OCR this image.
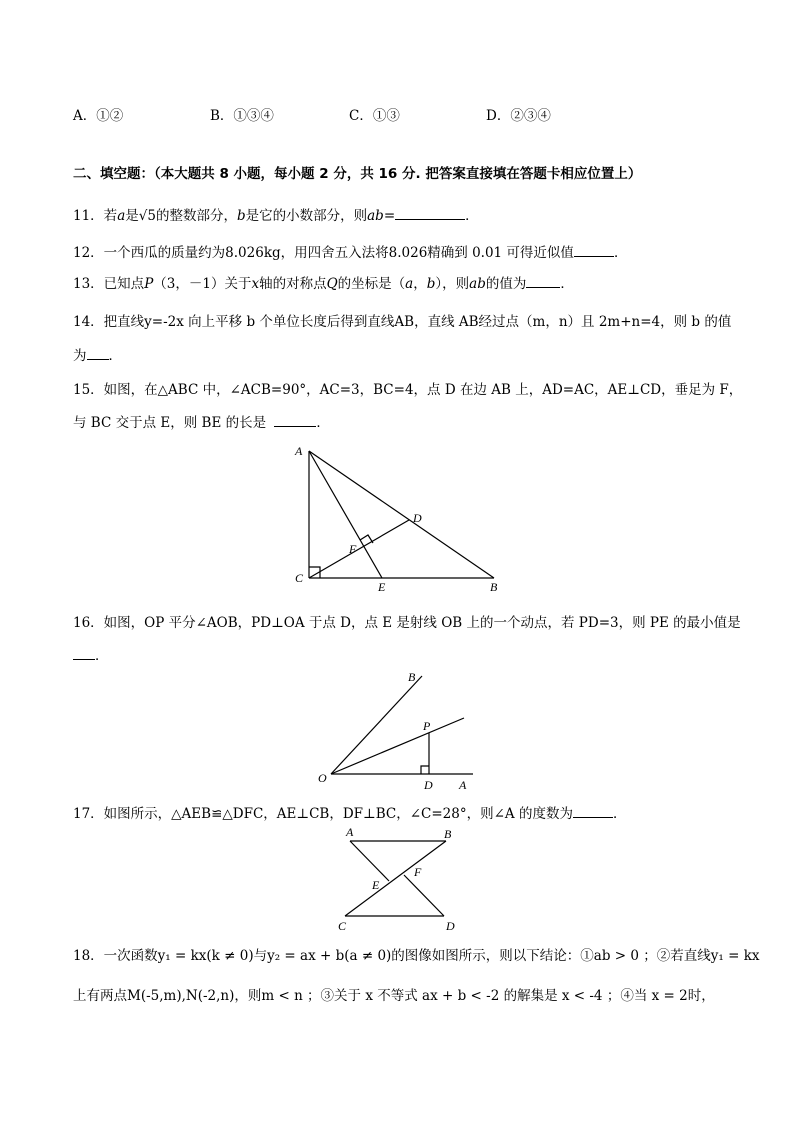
A．①②	B．①③④	C．①③	D．②③④
二、填空题：（本大题共 8 小题，每小题 2 分，共 16 分. 把答案直接填在答题卡相应位置上）
11．若a是√5的整数部分，b是它的小数部分，则ab=	．
12．一个西瓜的质量约为8.026kg，用四舍五入法将8.026精确到 0.01 可得近似值	．
13．已知点P（3，－1）关于x轴的对称点Q的坐标是（a，b），则ab的值为	．
14．把直线y=-2x 向上平移 b 个单位长度后得到直线AB，直线 AB经过点（m，n）且 2m+n=4，则 b 的值
为 ．
15．如图，在△ABC 中，∠ACB=90°，AC=3，BC=4，点 D 在边 AB 上，AD=AC，AE⊥CD，垂足为 F，
与 BC 交于点 E，则 BE 的长是	．
A
D
F
C
E	B
16．如图，OP 平分∠AOB，PD⊥OA 于点 D，点 E 是射线 OB 上的一个动点，若 PD=3，则 PE 的最小值是
．
B
P
O	D A
17．如图所示，△AEB≌△DFC，AE⊥CB，DF⊥BC，∠C=28°，则∠A 的度数为	．
A	B
E
F
C	D
18．一次函数y₁ = kx(k ≠ 0)与y₂ = ax + b(a ≠ 0)的图像如图所示，则以下结论：①ab > 0 ；②若直线y₁ = kx
上有两点M(-5,m),N(-2,n)，则m < n ；③关于 x 不等式 ax + b < -2 的解集是 x < -4 ；④当 x = 2时，
